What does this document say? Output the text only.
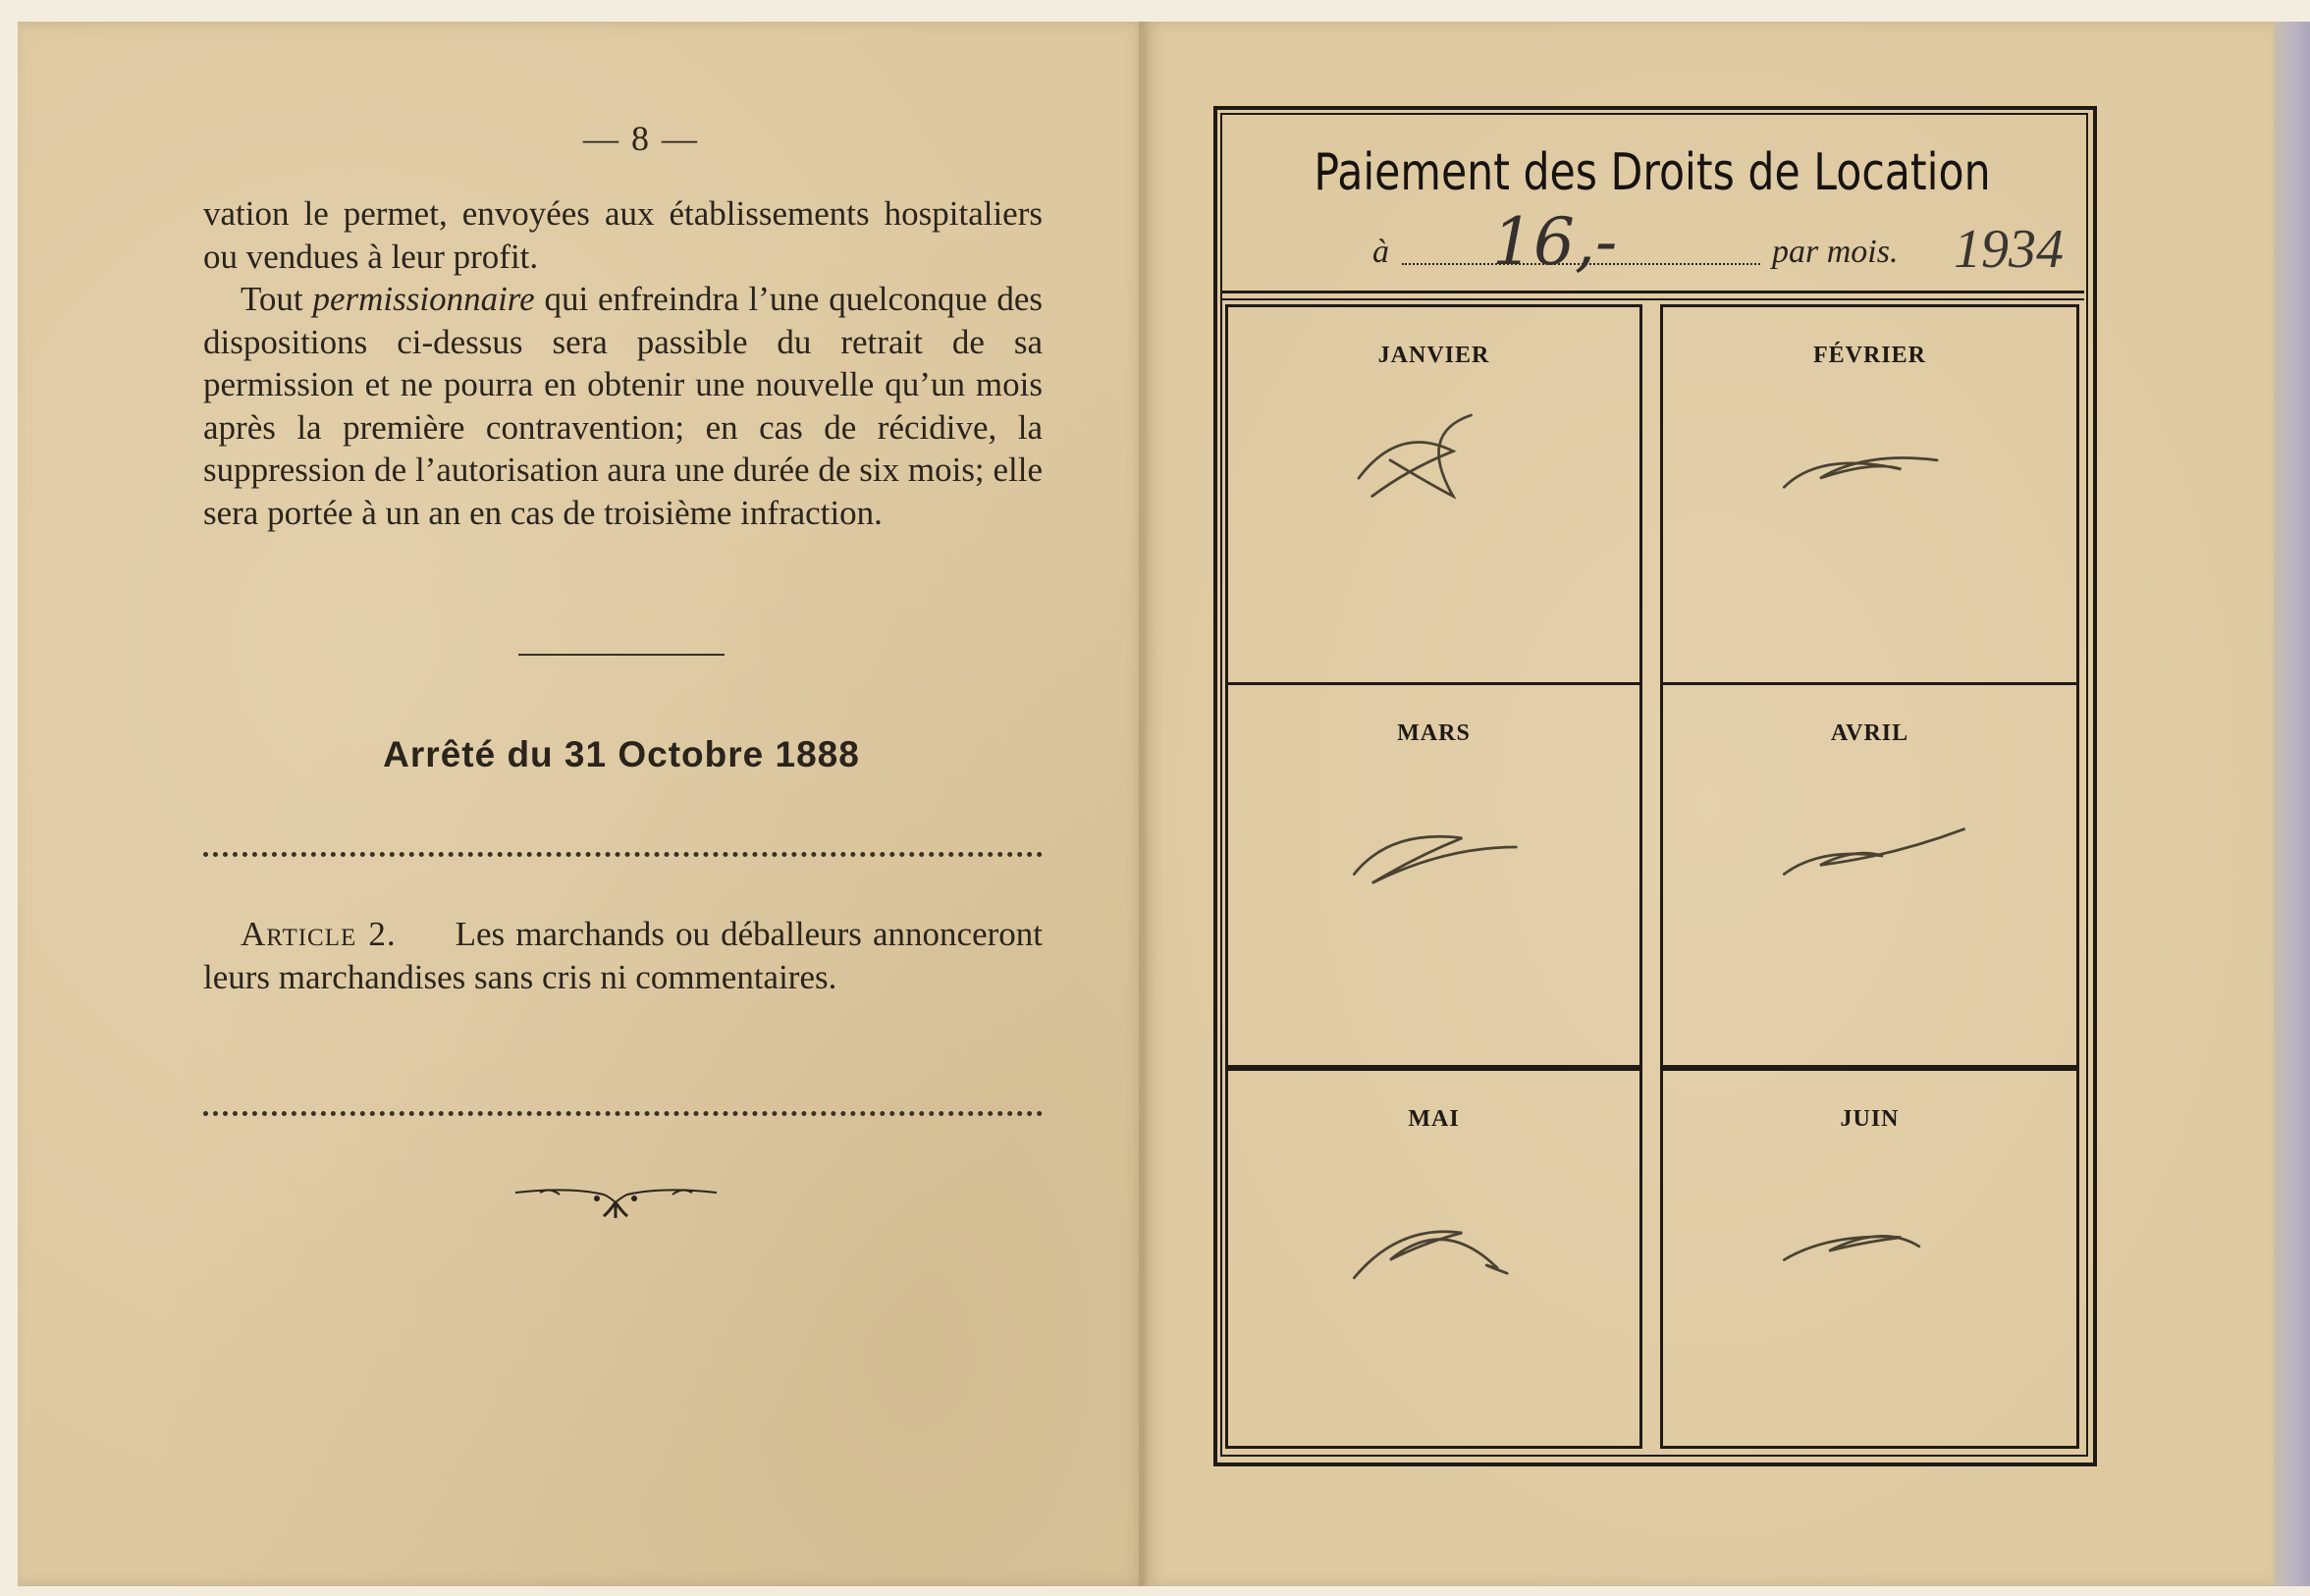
— 8 —

vation le permet, envoyées aux établissements hospitaliers ou vendues à leur profit.

Tout permissionnaire qui enfreindra l’une quelconque des dispositions ci-dessus sera passible du retrait de sa permission et ne pourra en obtenir une nouvelle qu’un mois après la première contravention; en cas de récidive, la suppression de l’autorisation aura une durée de six mois; elle sera portée à un an en cas de troisième infraction.

Arrêté du 31 Octobre 1888

Article 2. Les marchands ou déballeurs annonceront leurs marchandises sans cris ni commentaires.

Paiement des Droits de Location
à 16,-	par mois. 1934
JANVIER	FÉVRIER
MARS	AVRIL
MAI	JUIN
